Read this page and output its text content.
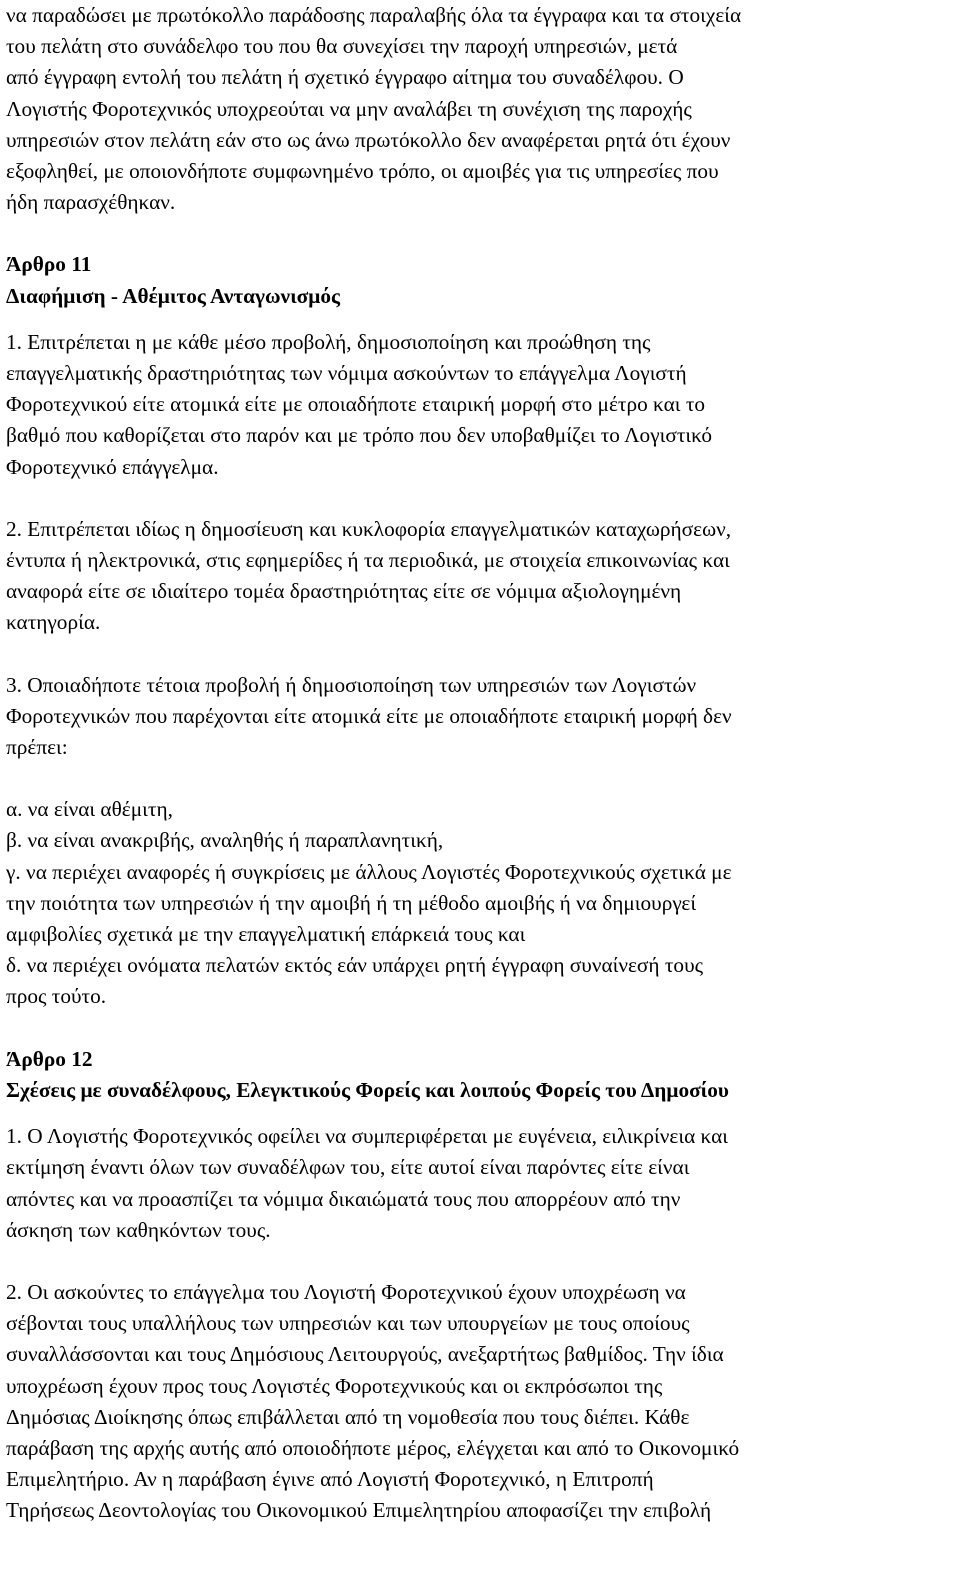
να παραδώσει με πρωτόκολλο παράδοσης παραλαβής όλα τα έγγραφα και τα στοιχεία
του πελάτη στο συνάδελφο του που θα συνεχίσει την παροχή υπηρεσιών, μετά
από έγγραφη εντολή του πελάτη ή σχετικό έγγραφο αίτημα του συναδέλφου. Ο
Λογιστής Φοροτεχνικός υποχρεούται να μην αναλάβει τη συνέχιση της παροχής
υπηρεσιών στον πελάτη εάν στο ως άνω πρωτόκολλο δεν αναφέρεται ρητά ότι έχουν
εξοφληθεί, με οποιονδήποτε συμφωνημένο τρόπο, οι αμοιβές για τις υπηρεσίες που
ήδη παρασχέθηκαν.

Άρθρο 11

Διαφήμιση - Αθέμιτος Ανταγωνισμός

1. Επιτρέπεται η με κάθε μέσο προβολή, δημοσιοποίηση και προώθηση της
επαγγελματικής δραστηριότητας των νόμιμα ασκούντων το επάγγελμα Λογιστή
Φοροτεχνικού είτε ατομικά είτε με οποιαδήποτε εταιρική μορφή στο μέτρο και το
βαθμό που καθορίζεται στο παρόν και με τρόπο που δεν υποβαθμίζει το Λογιστικό
Φοροτεχνικό επάγγελμα.

2. Επιτρέπεται ιδίως η δημοσίευση και κυκλοφορία επαγγελματικών καταχωρήσεων,
έντυπα ή ηλεκτρονικά, στις εφημερίδες ή τα περιοδικά, με στοιχεία επικοινωνίας και
αναφορά είτε σε ιδιαίτερο τομέα δραστηριότητας είτε σε νόμιμα αξιολογημένη
κατηγορία.

3. Οποιαδήποτε τέτοια προβολή ή δημοσιοποίηση των υπηρεσιών των Λογιστών
Φοροτεχνικών που παρέχονται είτε ατομικά είτε με οποιαδήποτε εταιρική μορφή δεν
πρέπει:

α. να είναι αθέμιτη,
β. να είναι ανακριβής, αναληθής ή παραπλανητική,
γ. να περιέχει αναφορές ή συγκρίσεις με άλλους Λογιστές Φοροτεχνικούς σχετικά με
την ποιότητα των υπηρεσιών ή την αμοιβή ή τη μέθοδο αμοιβής ή να δημιουργεί
αμφιβολίες σχετικά με την επαγγελματική επάρκειά τους και
δ. να περιέχει ονόματα πελατών εκτός εάν υπάρχει ρητή έγγραφη συναίνεσή τους
προς τούτο.

Άρθρο 12

Σχέσεις με συναδέλφους, Ελεγκτικούς Φορείς και λοιπούς Φορείς του Δημοσίου

1. Ο Λογιστής Φοροτεχνικός οφείλει να συμπεριφέρεται με ευγένεια, ειλικρίνεια και
εκτίμηση έναντι όλων των συναδέλφων του, είτε αυτοί είναι παρόντες είτε είναι
απόντες και να προασπίζει τα νόμιμα δικαιώματά τους που απορρέουν από την
άσκηση των καθηκόντων τους.

2. Οι ασκούντες το επάγγελμα του Λογιστή Φοροτεχνικού έχουν υποχρέωση να
σέβονται τους υπαλλήλους των υπηρεσιών και των υπουργείων με τους οποίους
συναλλάσσονται και τους Δημόσιους Λειτουργούς, ανεξαρτήτως βαθμίδος. Την ίδια
υποχρέωση έχουν προς τους Λογιστές Φοροτεχνικούς και οι εκπρόσωποι της
Δημόσιας Διοίκησης όπως επιβάλλεται από τη νομοθεσία που τους διέπει. Κάθε
παράβαση της αρχής αυτής από οποιοδήποτε μέρος, ελέγχεται και από το Οικονομικό
Επιμελητήριο. Αν η παράβαση έγινε από Λογιστή Φοροτεχνικό, η Επιτροπή
Τηρήσεως Δεοντολογίας του Οικονομικού Επιμελητηρίου αποφασίζει την επιβολή
